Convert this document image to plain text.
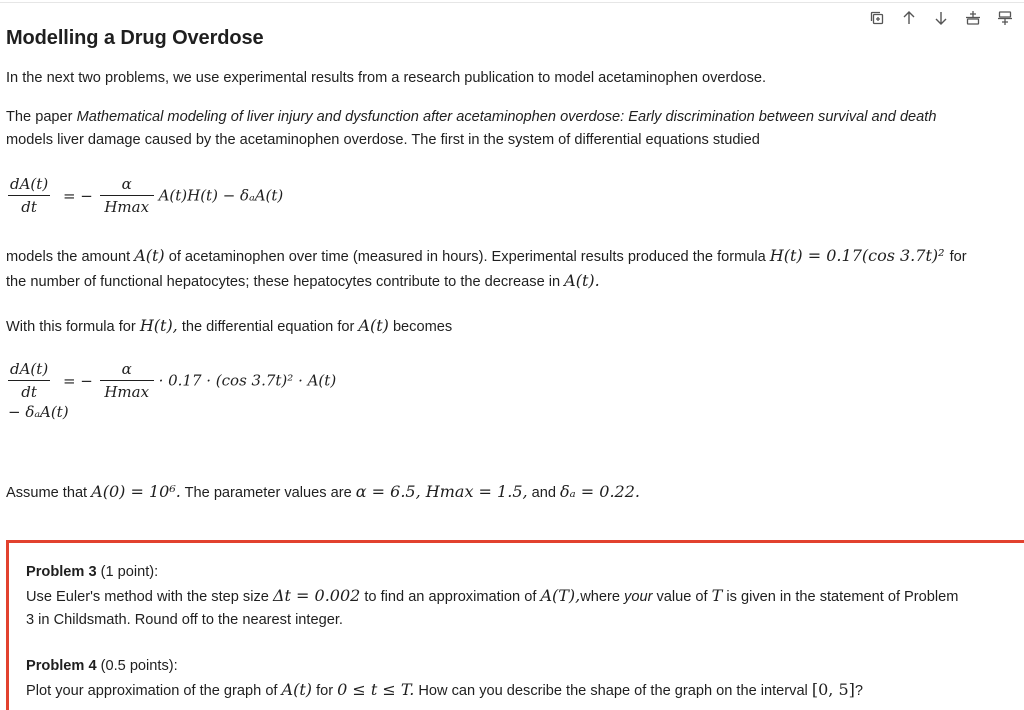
Modelling a Drug Overdose
In the next two problems, we use experimental results from a research publication to model acetaminophen overdose.
The paper Mathematical modeling of liver injury and dysfunction after acetaminophen overdose: Early discrimination between survival and death
models liver damage caused by the acetaminophen overdose. The first in the system of differential equations studied
$\frac{dA(t)}{dt}$ = − $\frac{\alpha}{Hmax} A(t)H(t) - \delta_aA(t)$
models the amount A(t) of acetaminophen over time (measured in hours). Experimental results produced the formula H(t) = 0.17(cos 3.7t)² for
the number of functional hepatocytes; these hepatocytes contribute to the decrease in A(t).
With this formula for H(t), the differential equation for A(t) becomes
$\frac{dA(t)}{dt}$ = − $\frac{\alpha}{Hmax} \cdot 0.17 \cdot (\cos$ 3.7t)² · A(t)
− δₐA(t)
Assume that A(0) = 10⁶. The parameter values are α = 6.5, Hmax = 1.5, and δₐ = 0.22.
Problem 3 (1 point):
Use Euler's method with the step size Δt = 0.002 to find an approximation of A(T),where your value of T is given in the statement of Problem
3 in Childsmath. Round off to the nearest integer.
Problem 4 (0.5 points):
Plot your approximation of the graph of A(t) for 0 ≤ t ≤ T. How can you describe the shape of the graph on the interval [0, 5]?
